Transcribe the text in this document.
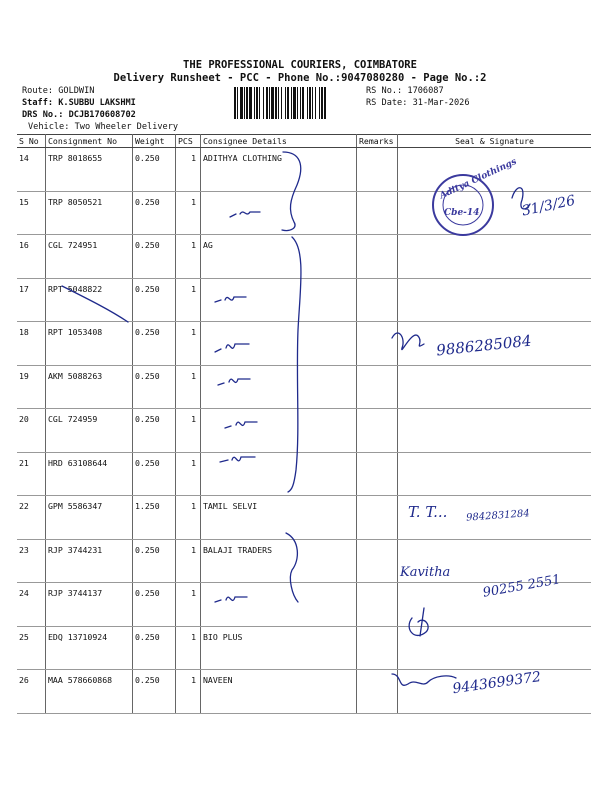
THE PROFESSIONAL COURIERS, COIMBATORE
Delivery Runsheet - PCC - Phone No.:9047080280 - Page No.:2
Route: GOLDWIN
Staff: K.SUBBU LAKSHMI
DRS No.: DCJB170608702
Vehicle: Two Wheeler Delivery
RS No.: 1706087
RS Date: 31-Mar-2026
S No	Consignment No	Weight	PCS	Consignee Details	Remarks	Seal & Signature
14	TRP 8018655	0.250	1	ADITHYA CLOTHING		
15	TRP 8050521	0.250	1			
16	CGL 724951	0.250	1	AG		
17	RPT 5048822	0.250	1			
18	RPT 1053408	0.250	1			
19	AKM 5088263	0.250	1			
20	CGL 724959	0.250	1			
21	HRD 63108644	0.250	1			
22	GPM 5586347	1.250	1	TAMIL SELVI		
23	RJP 3744231	0.250	1	BALAJI TRADERS		
24	RJP 3744137	0.250	1			
25	EDQ 13710924	0.250	1	BIO PLUS		
26	MAA 578660868	0.250	1	NAVEEN		
Aditya Clothings
Cbe-14	31/3/26
9886285084
T. T... 9842831284
Kavitha 90255 2551
9443699372
